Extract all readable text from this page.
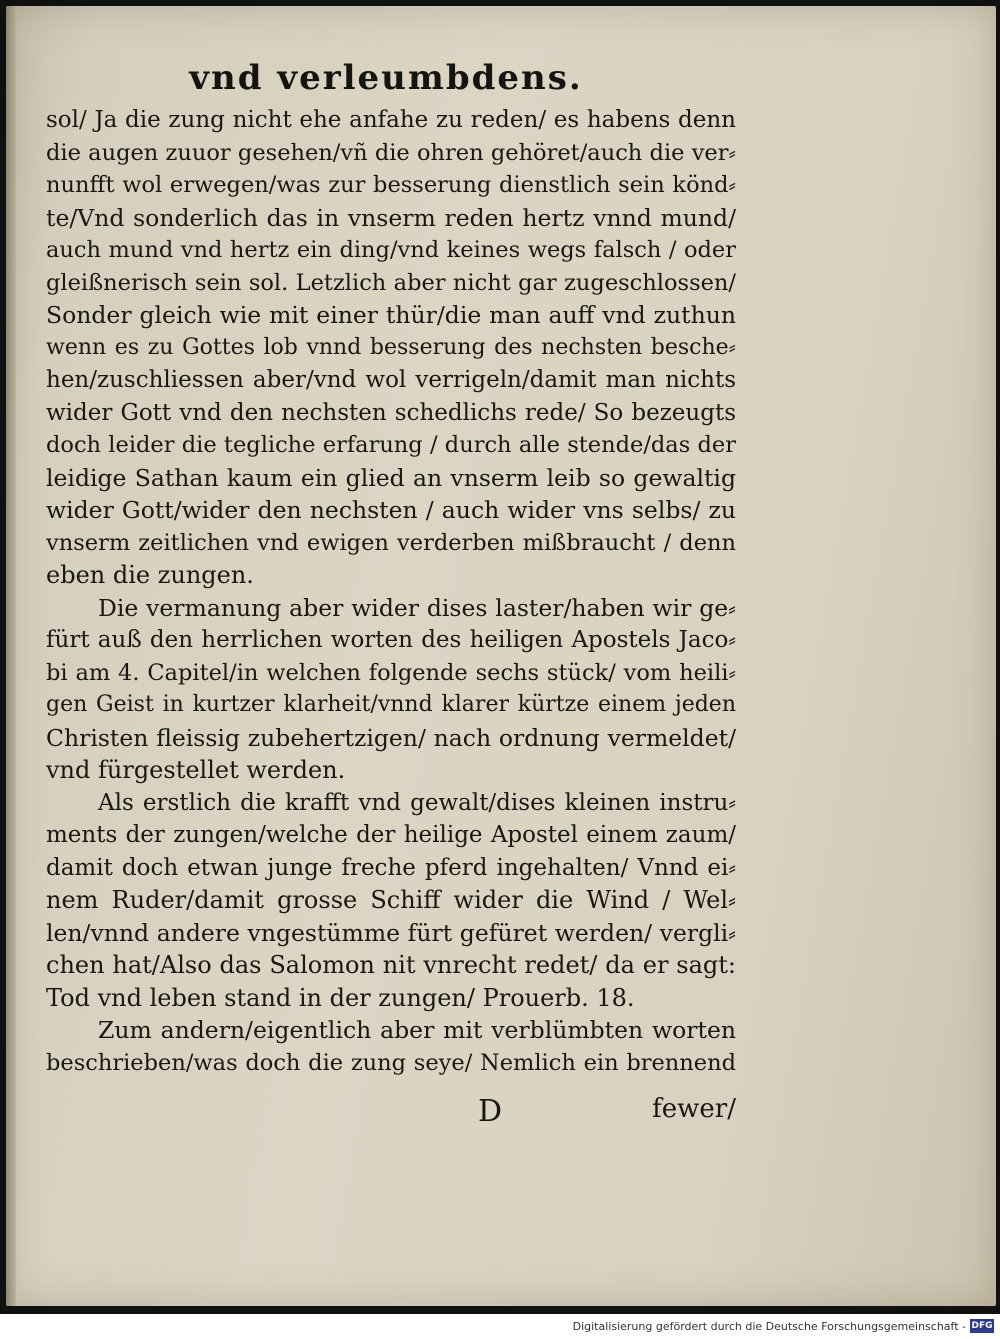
vnd verleumbdens.
sol/ Ja die zung nicht ehe anfahe zu reden/ es habens denn
die augen zuuor gesehen/vñ die ohren gehöret/auch die ver⸗
nunfft wol erwegen/was zur besserung dienstlich sein könd⸗
te/Vnd sonderlich das in vnserm reden hertz vnnd mund/
auch mund vnd hertz ein ding/vnd keines wegs falsch / oder
gleißnerisch sein sol. Letzlich aber nicht gar zugeschlossen/
Sonder gleich wie mit einer thür/die man auff vnd zuthun
wenn es zu Gottes lob vnnd besserung des nechsten besche⸗
hen/zuschliessen aber/vnd wol verrigeln/damit man nichts
wider Gott vnd den nechsten schedlichs rede/ So bezeugts
doch leider die tegliche erfarung / durch alle stende/das der
leidige Sathan kaum ein glied an vnserm leib so gewaltig
wider Gott/wider den nechsten / auch wider vns selbs/ zu
vnserm zeitlichen vnd ewigen verderben mißbraucht / denn
eben die zungen.
Die vermanung aber wider dises laster/haben wir ge⸗
fürt auß den herrlichen worten des heiligen Apostels Jaco⸗
bi am 4. Capitel/in welchen folgende sechs stück/ vom heili⸗
gen Geist in kurtzer klarheit/vnnd klarer kürtze einem jeden
Christen fleissig zubehertzigen/ nach ordnung vermeldet/
vnd fürgestellet werden.
Als erstlich die krafft vnd gewalt/dises kleinen instru⸗
ments der zungen/welche der heilige Apostel einem zaum/
damit doch etwan junge freche pferd ingehalten/ Vnnd ei⸗
nem Ruder/damit grosse Schiff wider die Wind / Wel⸗
len/vnnd andere vngestümme fürt gefüret werden/ vergli⸗
chen hat/Also das Salomon nit vnrecht redet/ da er sagt:
Tod vnd leben stand in der zungen/ Prouerb. 18.
Zum andern/eigentlich aber mit verblümbten worten
beschrieben/was doch die zung seye/ Nemlich ein brennend
D	fewer/
Digitalisierung gefördert durch die Deutsche Forschungsgemeinschaft - DFG
